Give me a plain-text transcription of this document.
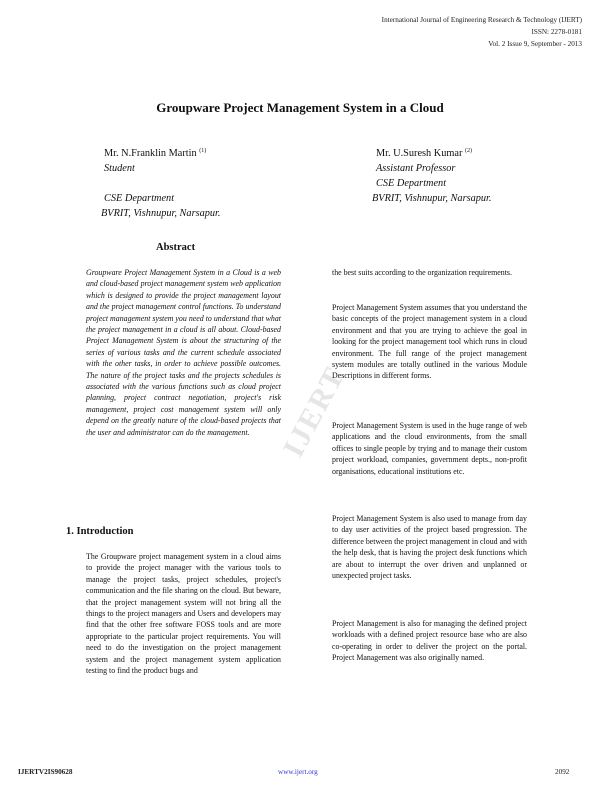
International Journal of Engineering Research & Technology (IJERT)
ISSN: 2278-0181
Vol. 2 Issue 9, September - 2013
IJERT
Groupware Project Management System in a Cloud
Mr. N.Franklin Martin $^{(1)}$
Student

CSE Department
BVRIT, Vishnupur, Narsapur.
Mr. U.Suresh Kumar $^{(2)}$
Assistant Professor
CSE Department
BVRIT, Vishnupur, Narsapur.
Abstract
Groupware Project Management System in a Cloud is a web and cloud-based project management system web application which is designed to provide the project management layout and the project management control functions. To understand project management system you need to understand that what the project management in a cloud is all about. Cloud-based Project Management System is about the structuring of the series of various tasks and the current schedule associated with the other tasks, in order to achieve possible outcomes. The nature of the project tasks and the projects schedules is associated with the various functions such as cloud project planning, project contract negotiation, project's risk management, project cost management system will only depend on the greatly nature of the cloud-based projects that the user and administrator can do the management.
1. Introduction
The Groupware project management system in a cloud aims to provide the project manager with the various tools to manage the project tasks, project schedules, project's communication and the file sharing on the cloud. But beware, that the project management system will not bring all the things to the project managers and Users and developers may find that the other free software FOSS tools and are more appropriate to the particular project requirements. You will need to do the investigation on the project management system and the project management system application testing to find the product bugs and
the best suits according to the organization requirements.
Project Management System assumes that you understand the basic concepts of the project management system in a cloud environment and that you are trying to achieve the goal in looking for the project management tool which runs in cloud environment. The full range of the project management system modules are totally outlined in the various Module Descriptions in different forms.
Project Management System is used in the huge range of web applications and the cloud environments, from the small offices to single people by trying and to manage their custom project workload, companies, government depts., non-profit organisations, educational institutions etc.
Project Management System is also used to manage from day to day user activities of the project based progression. The difference between the project management in cloud and with the help desk, that is having the project desk functions which are about to interrupt the over driven and unplanned or unexpected project tasks.
Project Management is also for managing the defined project workloads with a defined project resource base who are also co-operating in order to deliver the project on the portal. Project Management was also originally named.
IJERTV2IS90628	www.ijert.org	2092
